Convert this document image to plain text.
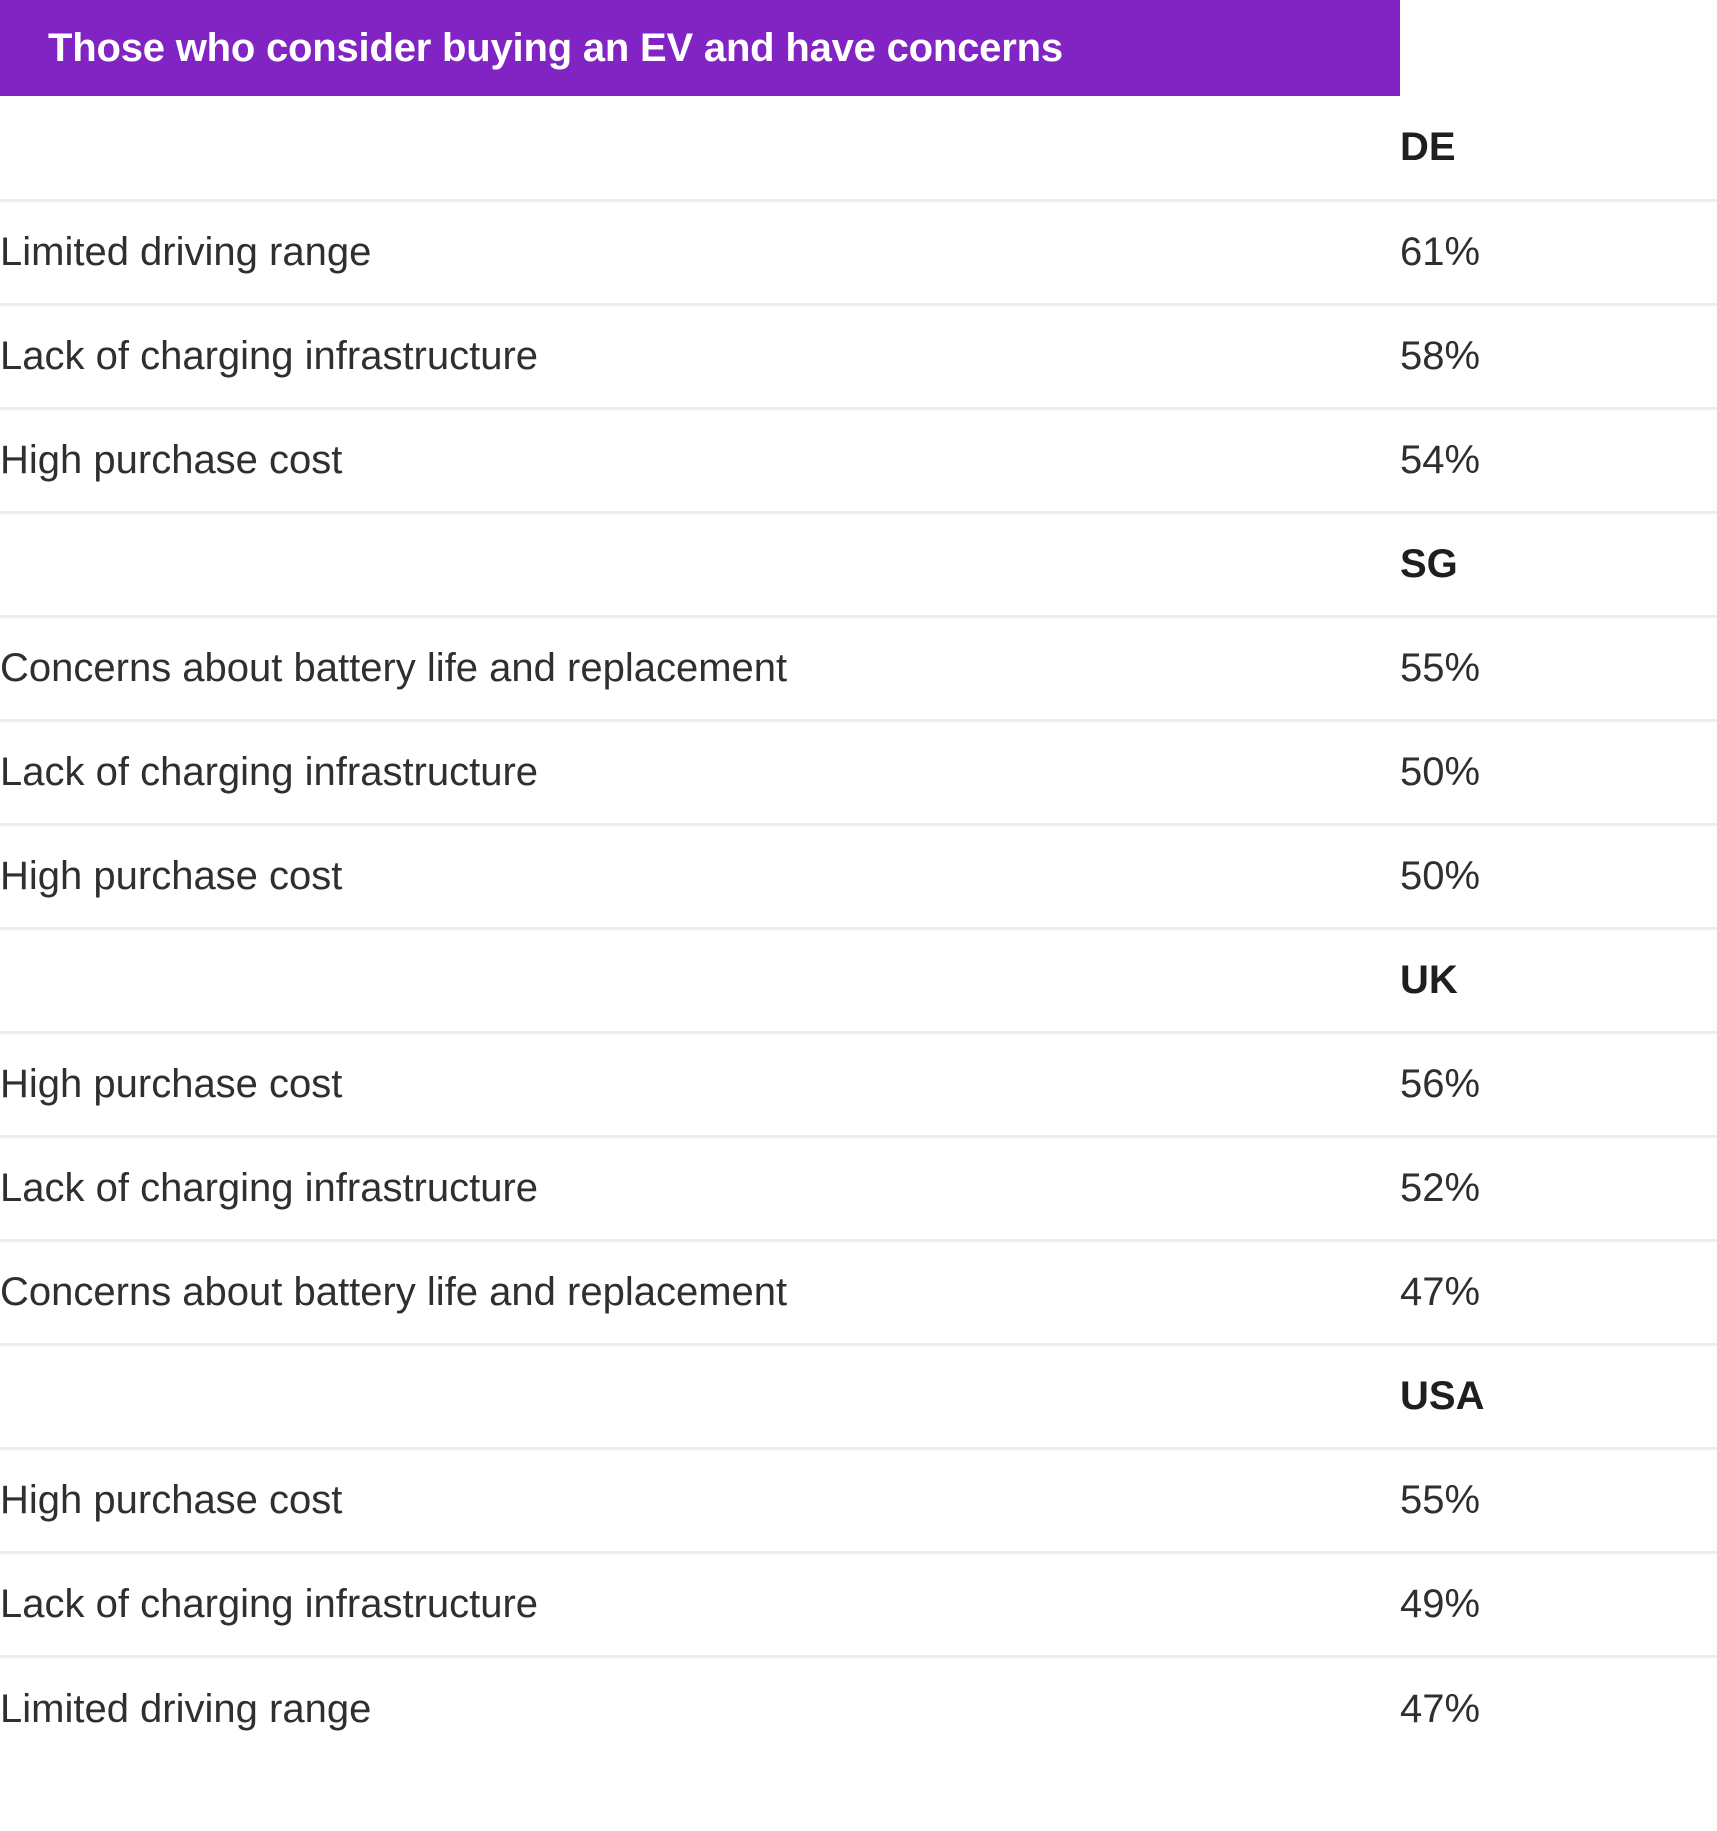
Those who consider buying an EV and have concerns
	DE
Limited driving range	61%
Lack of charging infrastructure	58%
High purchase cost	54%
	SG
Concerns about battery life and replacement	55%
Lack of charging infrastructure	50%
High purchase cost	50%
	UK
High purchase cost	56%
Lack of charging infrastructure	52%
Concerns about battery life and replacement	47%
	USA
High purchase cost	55%
Lack of charging infrastructure	49%
Limited driving range	47%
